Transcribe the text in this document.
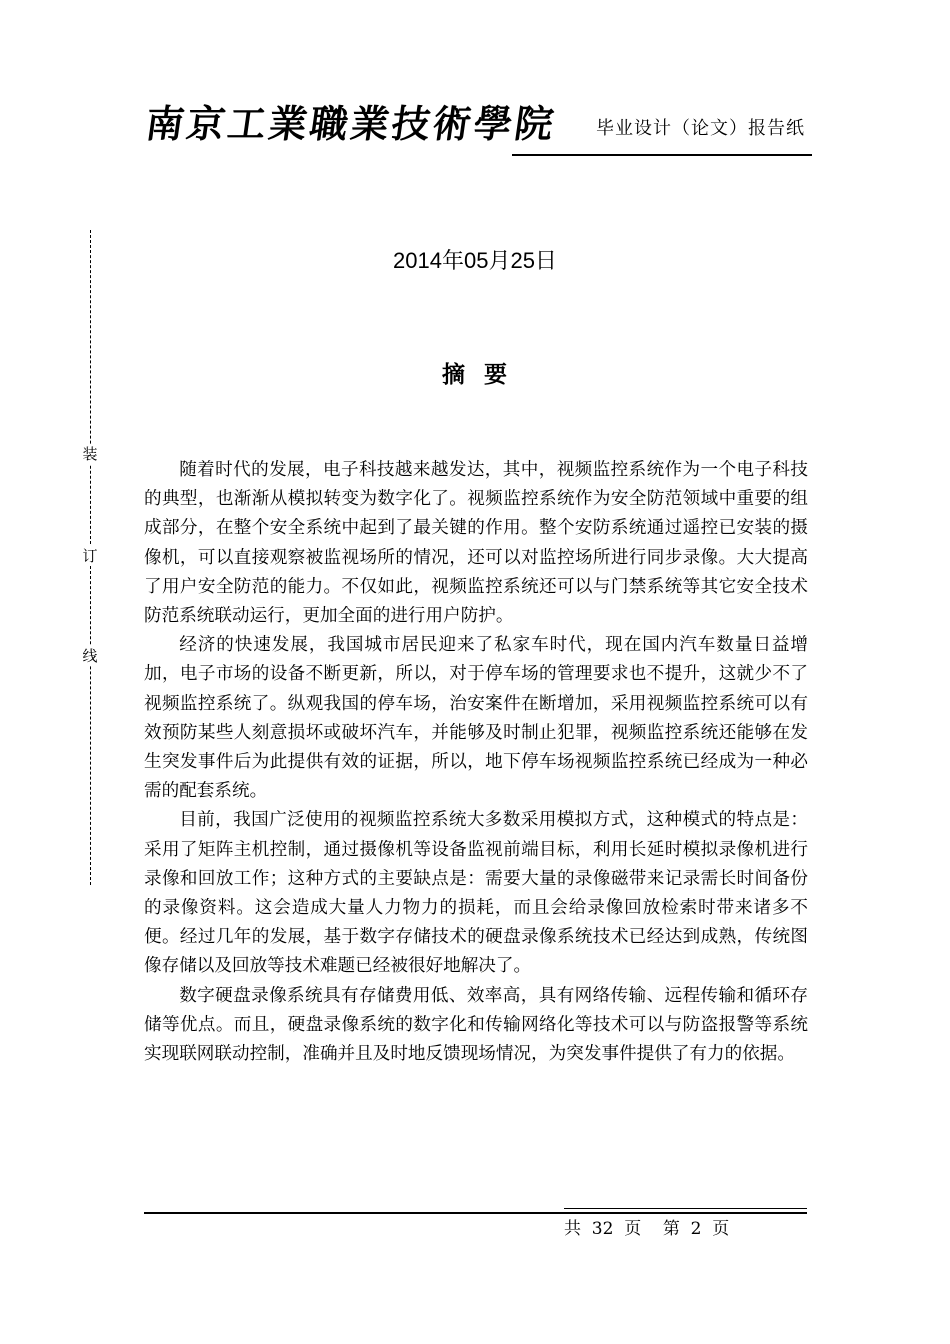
南京工業職業技術學院 毕业设计（论文）报告纸
装
订
线
2014年05月25日
摘  要

随着时代的发展，电子科技越来越发达，其中，视频监控系统作为一个电子科技的典型，也渐渐从模拟转变为数字化了。视频监控系统作为安全防范领域中重要的组成部分，在整个安全系统中起到了最关键的作用。整个安防系统通过遥控已安装的摄像机，可以直接观察被监视场所的情况，还可以对监控场所进行同步录像。大大提高了用户安全防范的能力。不仅如此，视频监控系统还可以与门禁系统等其它安全技术防范系统联动运行，更加全面的进行用户防护。

经济的快速发展，我国城市居民迎来了私家车时代，现在国内汽车数量日益增加，电子市场的设备不断更新，所以，对于停车场的管理要求也不提升，这就少不了视频监控系统了。纵观我国的停车场，治安案件在断增加，采用视频监控系统可以有效预防某些人刻意损坏或破坏汽车，并能够及时制止犯罪，视频监控系统还能够在发生突发事件后为此提供有效的证据，所以，地下停车场视频监控系统已经成为一种必需的配套系统。

目前，我国广泛使用的视频监控系统大多数采用模拟方式，这种模式的特点是：采用了矩阵主机控制，通过摄像机等设备监视前端目标，利用长延时模拟录像机进行录像和回放工作；这种方式的主要缺点是：需要大量的录像磁带来记录需长时间备份的录像资料。这会造成大量人力物力的损耗，而且会给录像回放检索时带来诸多不便。经过几年的发展，基于数字存储技术的硬盘录像系统技术已经达到成熟，传统图像存储以及回放等技术难题已经被很好地解决了。

数字硬盘录像系统具有存储费用低、效率高，具有网络传输、远程传输和循环存储等优点。而且，硬盘录像系统的数字化和传输网络化等技术可以与防盗报警等系统实现联网联动控制，准确并且及时地反馈现场情况，为突发事件提供了有力的依据。

共  32  页    第  2  页
